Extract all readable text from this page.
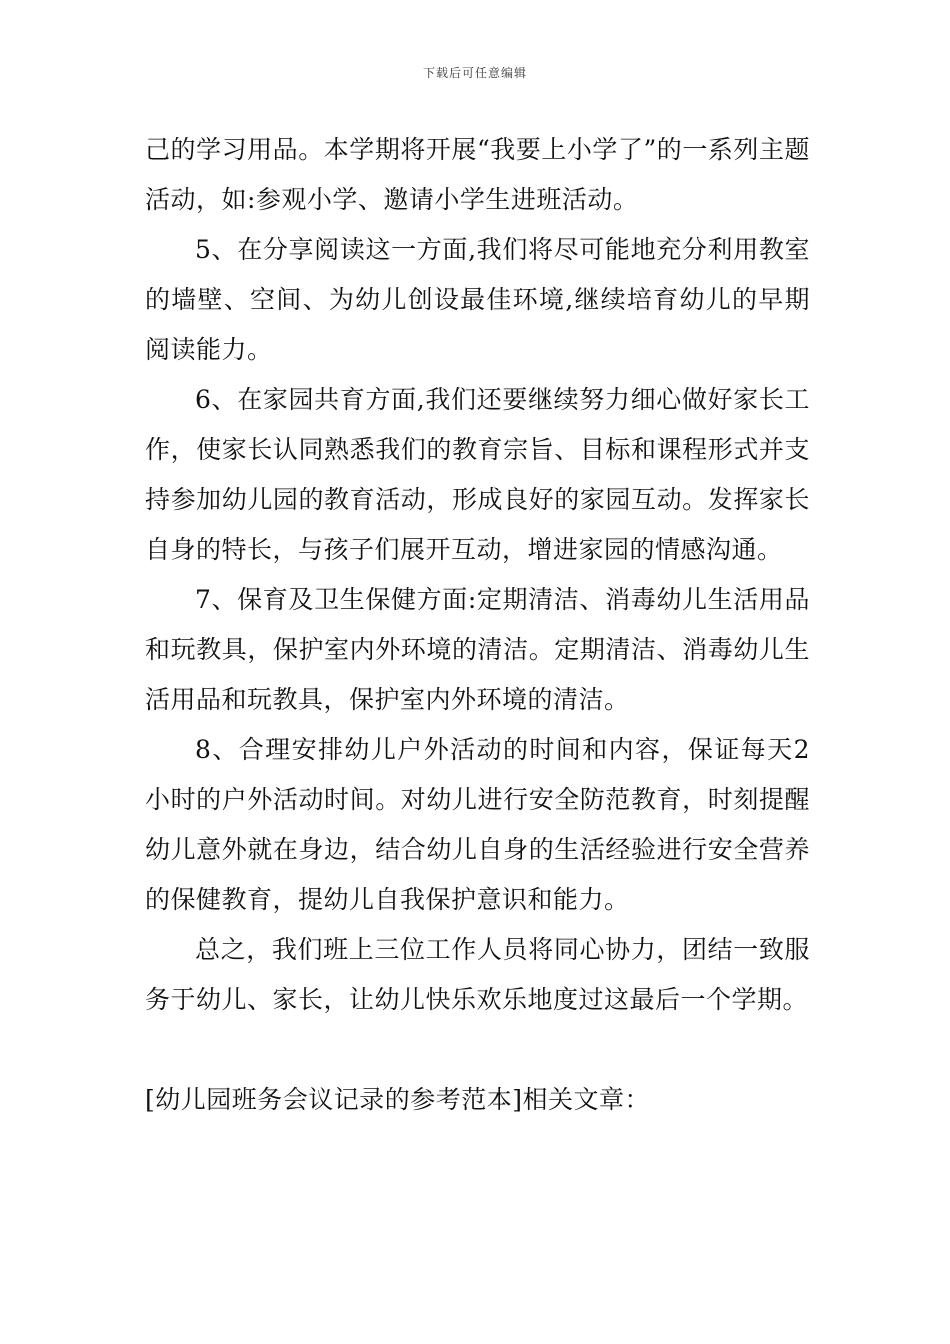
下载后可任意编辑

己的学习用品。本学期将开展“我要上小学了”的一系列主题活动，如:参观小学、邀请小学生进班活动。

5、在分享阅读这一方面,我们将尽可能地充分利用教室的墙壁、空间、为幼儿创设最佳环境,继续培育幼儿的早期阅读能力。

6、在家园共育方面,我们还要继续努力细心做好家长工作，使家长认同熟悉我们的教育宗旨、目标和课程形式并支持参加幼儿园的教育活动，形成良好的家园互动。发挥家长自身的特长，与孩子们展开互动，增进家园的情感沟通。

7、保育及卫生保健方面:定期清洁、消毒幼儿生活用品和玩教具，保护室内外环境的清洁。定期清洁、消毒幼儿生活用品和玩教具，保护室内外环境的清洁。

8、合理安排幼儿户外活动的时间和内容，保证每天2小时的户外活动时间。对幼儿进行安全防范教育，时刻提醒幼儿意外就在身边，结合幼儿自身的生活经验进行安全营养的保健教育，提幼儿自我保护意识和能力。

总之，我们班上三位工作人员将同心协力，团结一致服务于幼儿、家长，让幼儿快乐欢乐地度过这最后一个学期。

[幼儿园班务会议记录的参考范本]相关文章：
